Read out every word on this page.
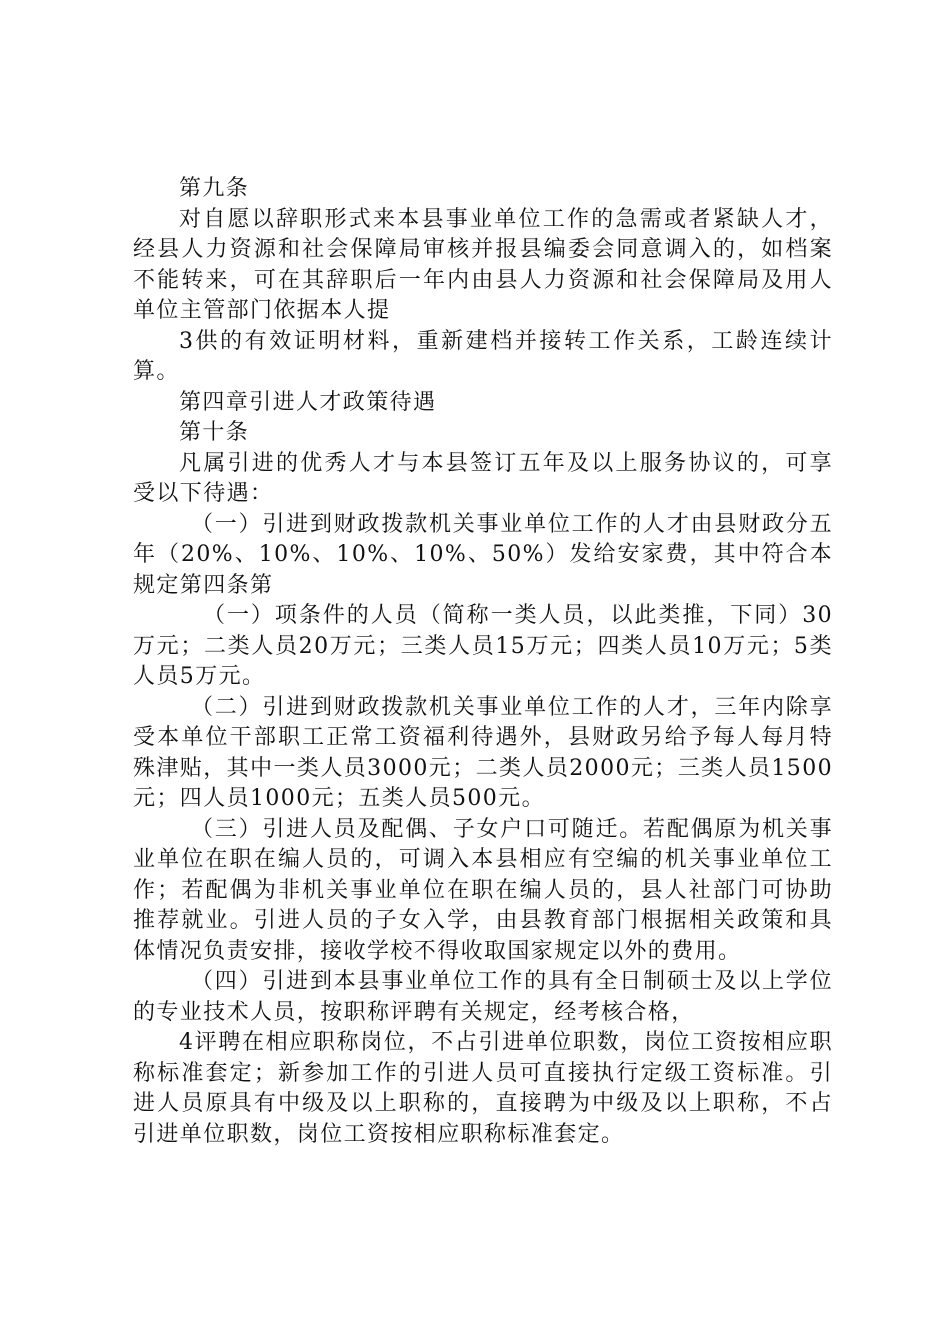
第九条

对自愿以辞职形式来本县事业单位工作的急需或者紧缺人才，经县人力资源和社会保障局审核并报县编委会同意调入的，如档案不能转来，可在其辞职后一年内由县人力资源和社会保障局及用人单位主管部门依据本人提

3供的有效证明材料，重新建档并接转工作关系，工龄连续计算。

第四章引进人才政策待遇

第十条

凡属引进的优秀人才与本县签订五年及以上服务协议的，可享受以下待遇：

（一）引进到财政拨款机关事业单位工作的人才由县财政分五年（20%、10%、10%、10%、50%）发给安家费，其中符合本规定第四条第

（一）项条件的人员（简称一类人员，以此类推，下同）30万元；二类人员20万元；三类人员15万元；四类人员10万元；5类人员5万元。

（二）引进到财政拨款机关事业单位工作的人才，三年内除享受本单位干部职工正常工资福利待遇外，县财政另给予每人每月特殊津贴，其中一类人员3000元；二类人员2000元；三类人员1500元；四人员1000元；五类人员500元。

（三）引进人员及配偶、子女户口可随迁。若配偶原为机关事业单位在职在编人员的，可调入本县相应有空编的机关事业单位工作；若配偶为非机关事业单位在职在编人员的，县人社部门可协助推荐就业。引进人员的子女入学，由县教育部门根据相关政策和具体情况负责安排，接收学校不得收取国家规定以外的费用。

（四）引进到本县事业单位工作的具有全日制硕士及以上学位的专业技术人员，按职称评聘有关规定，经考核合格，

4评聘在相应职称岗位，不占引进单位职数，岗位工资按相应职称标准套定；新参加工作的引进人员可直接执行定级工资标准。引进人员原具有中级及以上职称的，直接聘为中级及以上职称，不占引进单位职数，岗位工资按相应职称标准套定。
